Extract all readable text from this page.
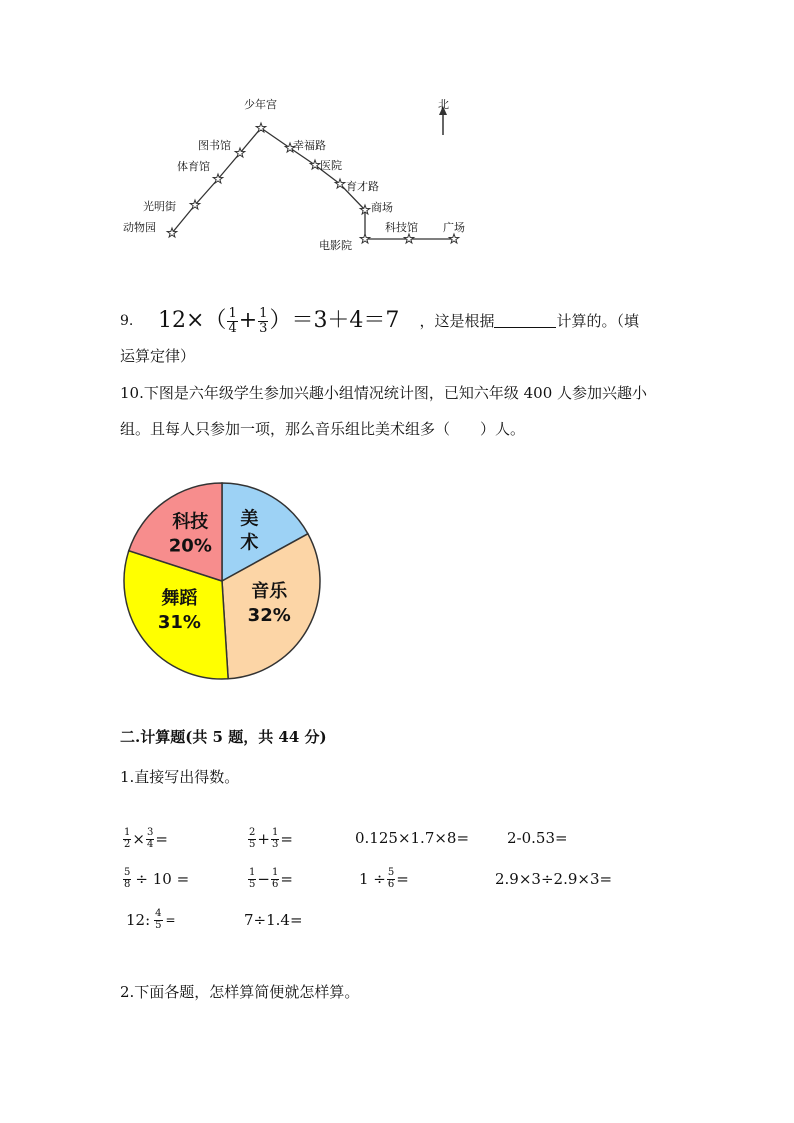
少年宫
图书馆
体育馆
光明街
动物园
幸福路
医院
育才路
商场
电影院
科技馆 广场
北
9.	$12\times( \frac{1}{4} + \frac{1}{3} )=3+4=7$ ，这是根据	计算的。（填
运算定律）
10.下图是六年级学生参加兴趣小组情况统计图，已知六年级 400 人参加兴趣小
组。且每人只参加一项，那么音乐组比美术组多（　　）人。
美
术
音乐
32%
舞蹈
31%
科技
20%
二.计算题(共 5 题，共 44 分)
1.直接写出得数。
$\frac{1}{2} \times \frac{3}{4}$ =	$\frac{2}{5} + \frac{1}{3}$ =	0.125×1.7×8=	2-0.53=
$\frac{5}{8} \div 10$ =	$\frac{1}{5} - \frac{1}{6}$ =	$1 \div \frac{5}{6}$ =	2.9×3÷2.9×3=
12: $\frac{4}{5}$ =	7÷1.4=
2.下面各题，怎样算简便就怎样算。
